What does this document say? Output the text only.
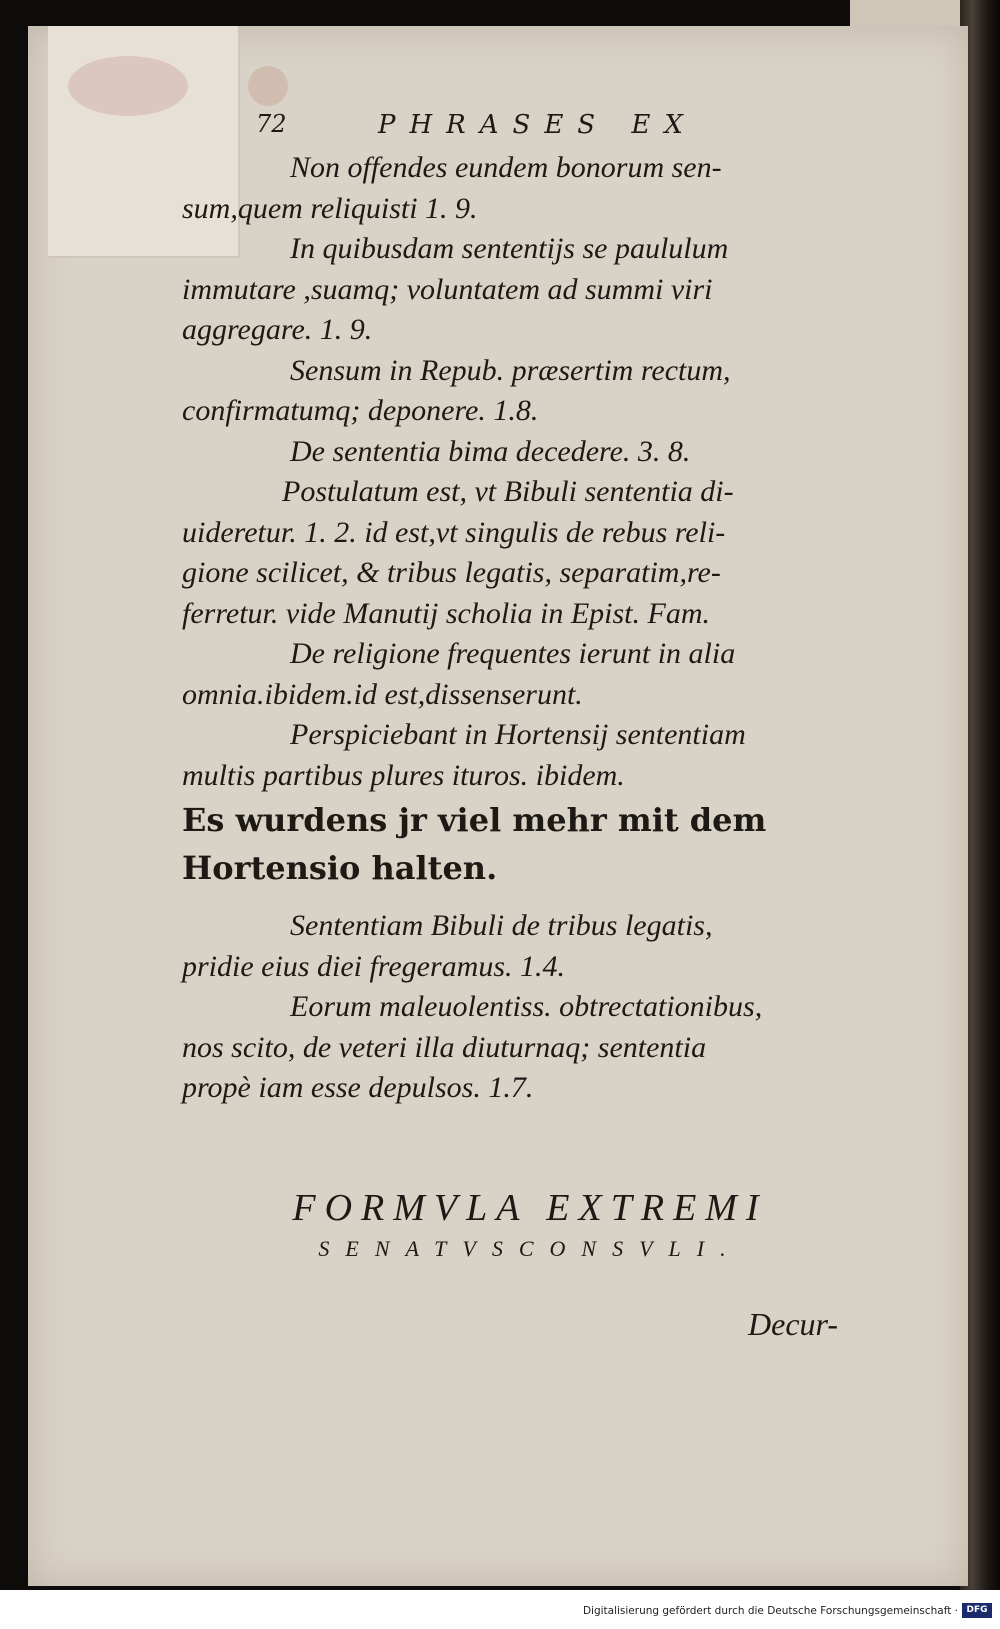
72	PHRASES EX
Non offendes eundem bonorum sen-
sum,quem reliquisti 1. 9.
In quibusdam sententijs se paululum
immutare ,suamq; voluntatem ad summi viri
aggregare. 1. 9.
Sensum in Repub. præsertim rectum,
confirmatumq; deponere. 1.8.
De sententia bima decedere. 3. 8.
Postulatum est, vt Bibuli sententia di-
uideretur. 1. 2. id est,vt singulis de rebus reli-
gione scilicet, & tribus legatis, separatim,re-
ferretur. vide Manutij scholia in Epist. Fam.
De religione frequentes ierunt in alia
omnia.ibidem.id est,dissenserunt.
Perspiciebant in Hortensij sententiam
multis partibus plures ituros. ibidem.
Es wurdens jr viel mehr mit dem
Hortensio halten.
Sententiam Bibuli de tribus legatis,
pridie eius diei fregeramus. 1.4.
Eorum maleuolentiss. obtrectationibus,
nos scito, de veteri illa diuturnaq; sententia
propè iam esse depulsos. 1.7.
FORMVLA EXTREMI
SENATVSCONSVLI.
Decur-
Digitalisierung gefördert durch die Deutsche Forschungsgemeinschaft · DFG
